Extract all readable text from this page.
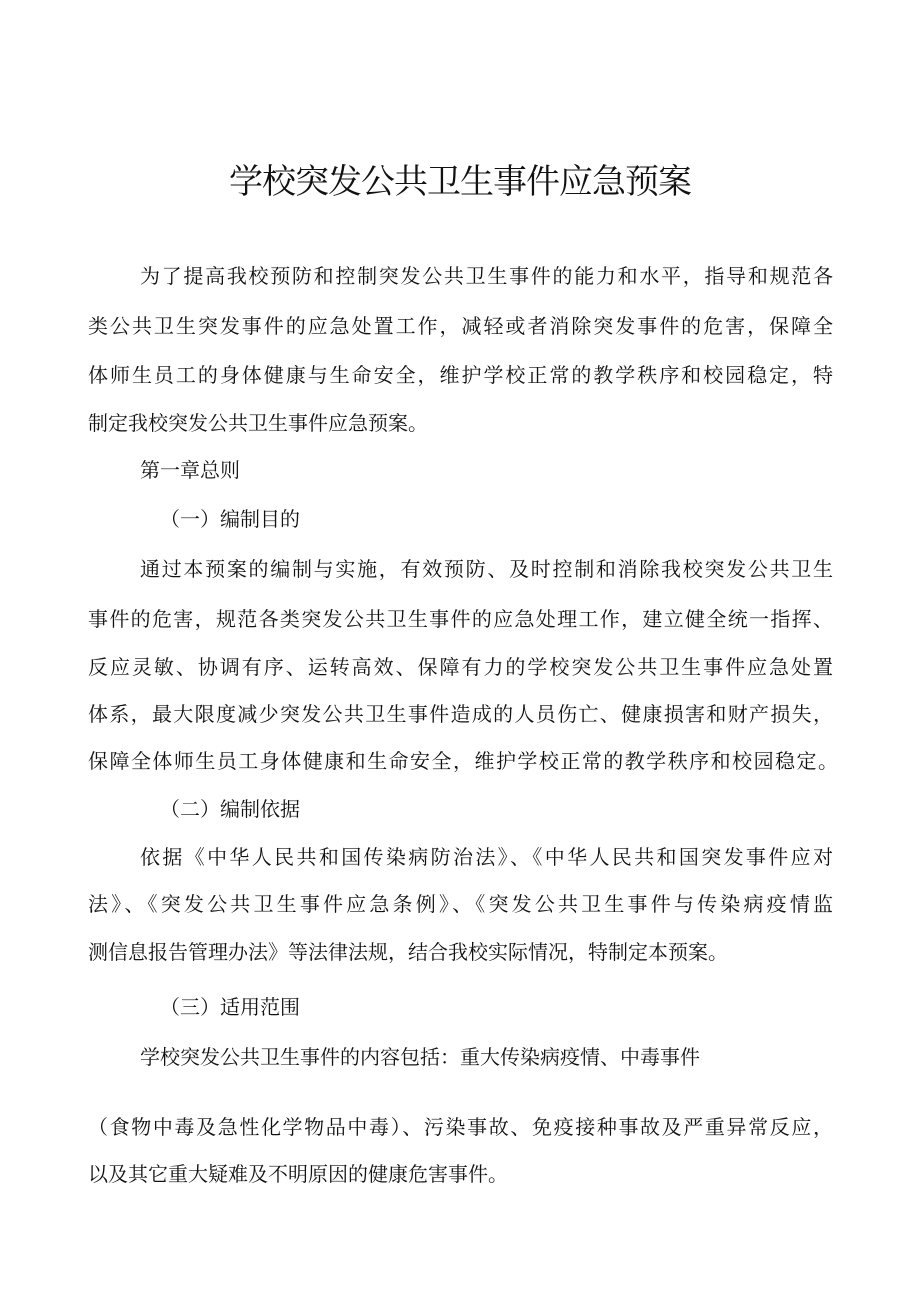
学校突发公共卫生事件应急预案

为了提高我校预防和控制突发公共卫生事件的能力和水平，指导和规范各

类公共卫生突发事件的应急处置工作，减轻或者消除突发事件的危害，保障全

体师生员工的身体健康与生命安全，维护学校正常的教学秩序和校园稳定，特

制定我校突发公共卫生事件应急预案。

第一章总则

（一）编制目的

通过本预案的编制与实施，有效预防、及时控制和消除我校突发公共卫生

事件的危害，规范各类突发公共卫生事件的应急处理工作，建立健全统一指挥、

反应灵敏、协调有序、运转高效、保障有力的学校突发公共卫生事件应急处置

体系，最大限度减少突发公共卫生事件造成的人员伤亡、健康损害和财产损失，

保障全体师生员工身体健康和生命安全，维护学校正常的教学秩序和校园稳定。

（二）编制依据

依据《中华人民共和国传染病防治法》、《中华人民共和国突发事件应对

法》、《突发公共卫生事件应急条例》、《突发公共卫生事件与传染病疫情监

测信息报告管理办法》等法律法规，结合我校实际情况，特制定本预案。

（三）适用范围

学校突发公共卫生事件的内容包括：重大传染病疫情、中毒事件

（食物中毒及急性化学物品中毒）、污染事故、免疫接种事故及严重异常反应，

以及其它重大疑难及不明原因的健康危害事件。
